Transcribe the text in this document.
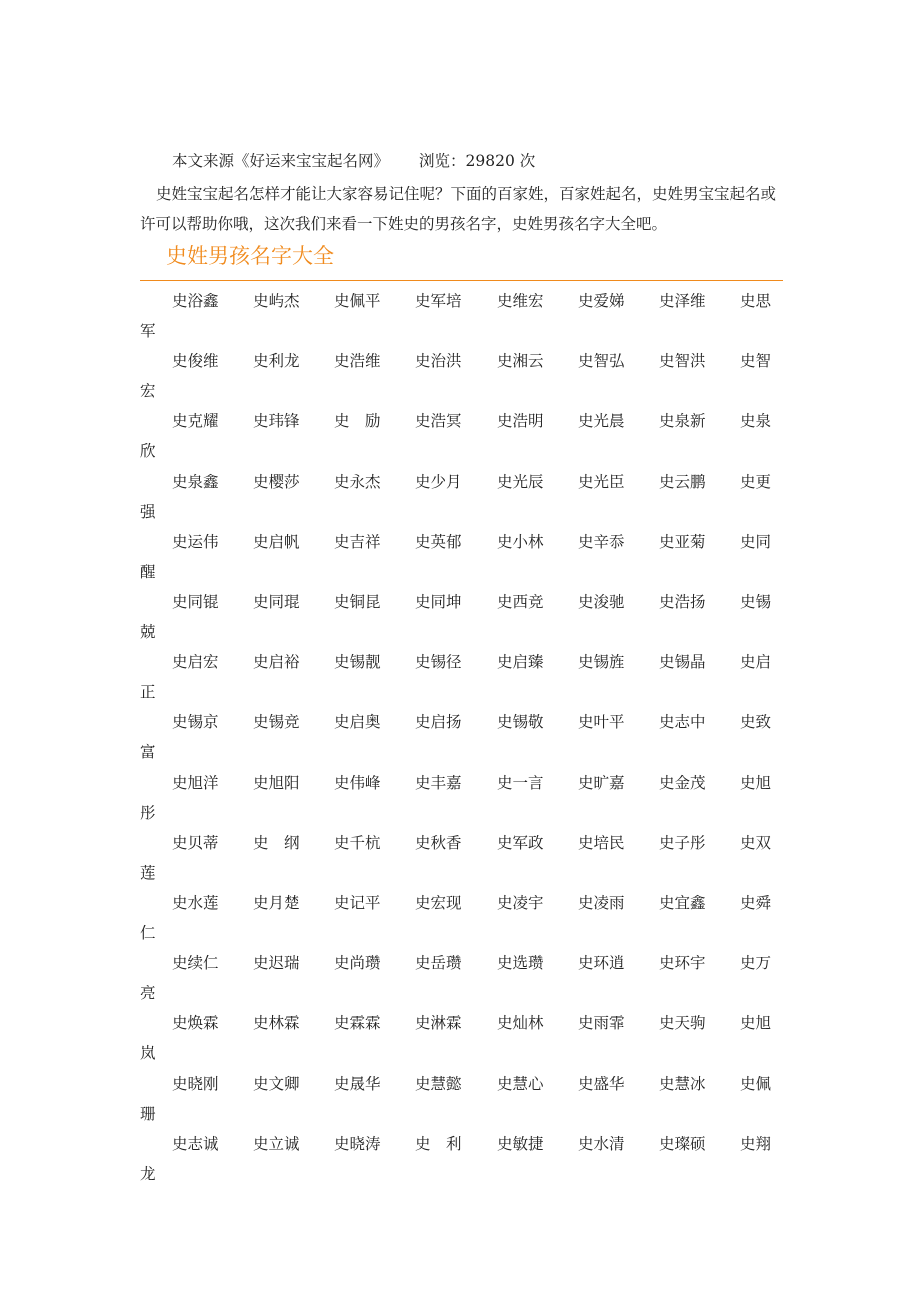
本文来源《好运来宝宝起名网》 浏览：29820 次
史姓宝宝起名怎样才能让大家容易记住呢？下面的百家姓，百家姓起名，史姓男宝宝起名或许可以帮助你哦，这次我们来看一下姓史的男孩名字，史姓男孩名字大全吧。
史姓男孩名字大全
史浴鑫 史屿杰 史佩平 史军培 史维宏 史爱娣 史泽维 史思
军
史俊维 史利龙 史浩维 史治洪 史湘云 史智弘 史智洪 史智
宏
史克耀 史玮锋 史　励 史浩冥 史浩明 史光晨 史泉新 史泉
欣
史泉鑫 史樱莎 史永杰 史少月 史光辰 史光臣 史云鹏 史更
强
史运伟 史启帆 史吉祥 史英郁 史小林 史辛忝 史亚菊 史同
醒
史同锟 史同琨 史铜昆 史同坤 史西竞 史浚驰 史浩扬 史锡
兢
史启宏 史启裕 史锡靓 史锡径 史启臻 史锡旌 史锡晶 史启
正
史锡京 史锡竞 史启奥 史启扬 史锡敬 史叶平 史志中 史致
富
史旭洋 史旭阳 史伟峰 史丰嘉 史一言 史旷嘉 史金茂 史旭
彤
史贝蒂 史　纲 史千杭 史秋香 史军政 史培民 史子彤 史双
莲
史水莲 史月楚 史记平 史宏现 史凌宇 史凌雨 史宜鑫 史舜
仁
史续仁 史迟瑞 史尚瓒 史岳瓒 史选瓒 史环逍 史环宇 史万
亮
史焕霖 史林霖 史霖霖 史淋霖 史灿林 史雨霏 史天驹 史旭
岚
史晓刚 史文卿 史晟华 史慧懿 史慧心 史盛华 史慧冰 史佩
珊
史志诚 史立诚 史晓涛 史　利 史敏捷 史水清 史璨硕 史翔
龙
